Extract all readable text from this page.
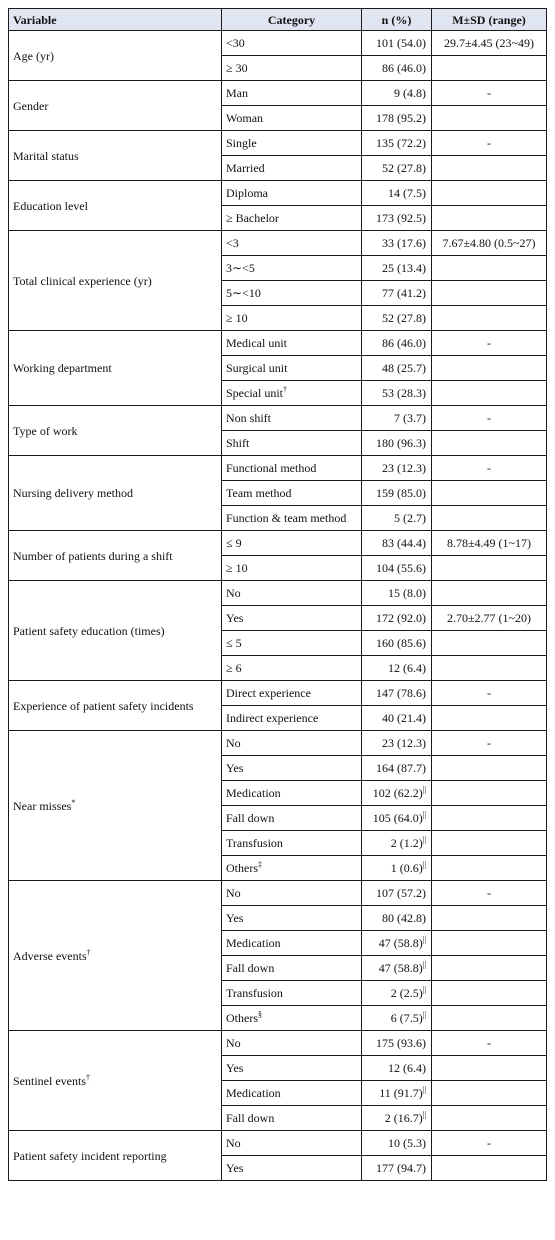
Variable	Category	n (%)	M±SD (range)
Age (yr)	<30	101 (54.0)	29.7±4.45 (23~49)
	≥ 30	86 (46.0)	
Gender	Man	9 (4.8)	-
	Woman	178 (95.2)	
Marital status	Single	135 (72.2)	-
	Married	52 (27.8)	
Education level	Diploma	14 (7.5)	
	≥ Bachelor	173 (92.5)	
Total clinical experience (yr)	<3	33 (17.6)	7.67±4.80 (0.5~27)
	3∼<5	25 (13.4)	
	5∼<10	77 (41.2)	
	≥ 10	52 (27.8)	
Working department	Medical unit	86 (46.0)	-
	Surgical unit	48 (25.7)	
	Special unit†	53 (28.3)	
Type of work	Non shift	7 (3.7)	-
	Shift	180 (96.3)	
Nursing delivery method	Functional method	23 (12.3)	-
	Team method	159 (85.0)	
	Function & team method	5 (2.7)	
Number of patients during a shift	≤ 9	83 (44.4)	8.78±4.49 (1~17)
	≥ 10	104 (55.6)	
Patient safety education (times)	No	15 (8.0)	
	Yes	172 (92.0)	2.70±2.77 (1~20)
	≤ 5	160 (85.6)	
	≥ 6	12 (6.4)	
Experience of patient safety incidents	Direct experience	147 (78.6)	-
	Indirect experience	40 (21.4)	
Near misses*	No	23 (12.3)	-
	Yes	164 (87.7)	
	Medication	102 (62.2)||	
	Fall down	105 (64.0)||	
	Transfusion	2 (1.2)||	
	Others‡	1 (0.6)||	
Adverse events†	No	107 (57.2)	-
	Yes	80 (42.8)	
	Medication	47 (58.8)||	
	Fall down	47 (58.8)||	
	Transfusion	2 (2.5)||	
	Others§	6 (7.5)||	
Sentinel events†	No	175 (93.6)	-
	Yes	12 (6.4)	
	Medication	11 (91.7)||	
	Fall down	2 (16.7)||	
Patient safety incident reporting	No	10 (5.3)	-
	Yes	177 (94.7)	
